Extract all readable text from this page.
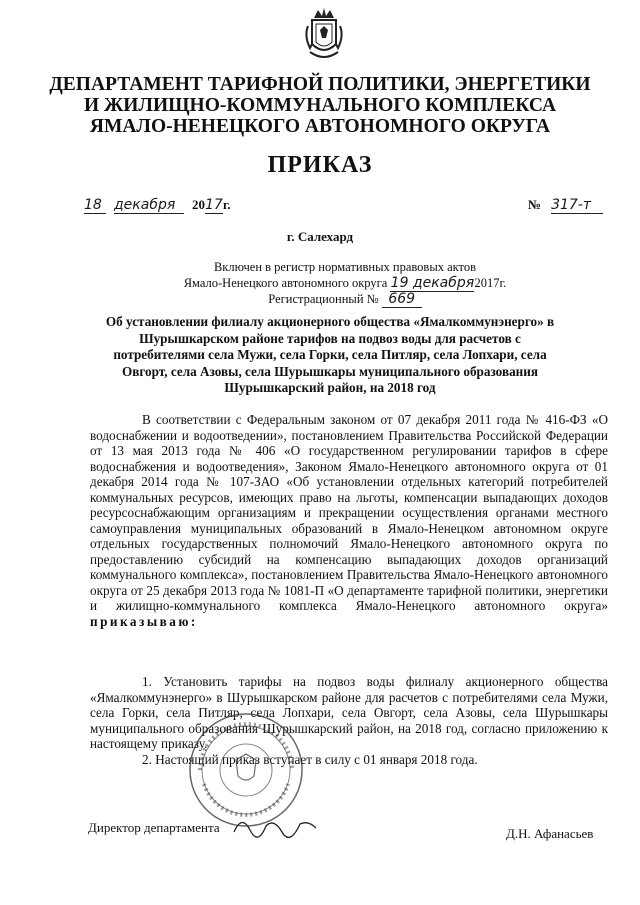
ДЕПАРТАМЕНТ ТАРИФНОЙ ПОЛИТИКИ, ЭНЕРГЕТИКИ
И ЖИЛИЩНО-КОММУНАЛЬНОГО КОМПЛЕКСА
ЯМАЛО-НЕНЕЦКОГО АВТОНОМНОГО ОКРУГА
ПРИКАЗ
18 декабря 2017г.	№ 317-т
г. Салехард
Включен в регистр нормативных правовых актов
Ямало-Ненецкого автономного округа 19 декабря2017г.
Регистрационный № 669
Об установлении филиалу акционерного общества «Ямалкоммунэнерго» в Шурышкарском районе тарифов на подвоз воды для расчетов с потребителями села Мужи, села Горки, села Питляр, села Лопхари, села Овгорт, села Азовы, села Шурышкары муниципального образования Шурышкарский район, на 2018 год

В соответствии с Федеральным законом от 07 декабря 2011 года № 416-ФЗ «О водоснабжении и водоотведении», постановлением Правительства Российской Федерации от 13 мая 2013 года № 406 «О государственном регулировании тарифов в сфере водоснабжения и водоотведения», Законом Ямало-Ненецкого автономного округа от 01 декабря 2014 года № 107-ЗАО «Об установлении отдельных категорий потребителей коммунальных ресурсов, имеющих право на льготы, компенсации выпадающих доходов ресурсоснабжающим организациям и прекращении осуществления органами местного самоуправления муниципальных образований в Ямало-Ненецком автономном округе отдельных государственных полномочий Ямало-Ненецкого автономного округа по предоставлению субсидий на компенсацию выпадающих доходов организаций коммунального комплекса», постановлением Правительства Ямало-Ненецкого автономного округа от 25 декабря 2013 года № 1081-П «О департаменте тарифной политики, энергетики и жилищно-коммунального комплекса Ямало-Ненецкого автономного округа» приказываю:

1. Установить тарифы на подвоз воды филиалу акционерного общества «Ямалкоммунэнерго» в Шурышкарском районе для расчетов с потребителями села Мужи, села Горки, села Питляр, села Лопхари, села Овгорт, села Азовы, села Шурышкары муниципального образования Шурышкарский район, на 2018 год, согласно приложению к настоящему приказу.

2. Настоящий приказ вступает в силу с 01 января 2018 года.

Директор департамента	Д.Н. Афанасьев
